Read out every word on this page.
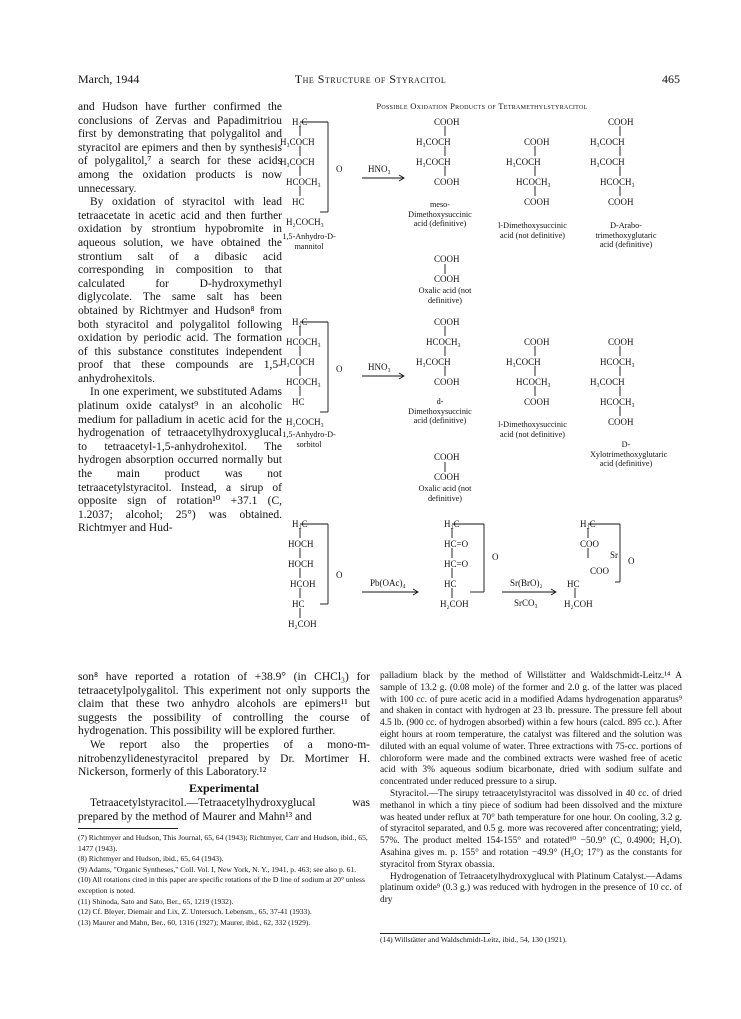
March, 1944	The Structure of Styracitol	465

and Hudson have further confirmed the conclusions of Zervas and Papadimitriou first by demonstrating that polygalitol and styracitol are epimers and then by synthesis of polygalitol,⁷ a search for these acids among the oxidation products is now unnecessary.

By oxidation of styracitol with lead tetraacetate in acetic acid and then further oxidation by strontium hypobromite in aqueous solution, we have obtained the strontium salt of a dibasic acid corresponding in composition to that calculated for D-hydroxymethyl diglycolate. The same salt has been obtained by Richtmyer and Hudson⁸ from both styracitol and polygalitol following oxidation by periodic acid. The formation of this substance constitutes independent proof that these compounds are 1,5-anhydrohexitols.

In one experiment, we substituted Adams platinum oxide catalyst⁹ in an alcoholic medium for palladium in acetic acid for the hydrogenation of tetraacetylhydroxyglucal to tetraacetyl-1,5-anhydrohexitol. The hydrogen absorption occurred normally but the main product was not tetraacetylstyracitol. Instead, a sirup of opposite sign of rotation¹⁰ +37.1 (C, 1.2037; alcohol; 25°) was obtained. Richtmyer and Hud-

Possible Oxidation Products of Tetramethylstyracitol
H₂C
H₃COCH
H₃COCH
O
HCOCH₃
HC
H₂COCH₃
COOH
H₃COCH
H₃COCH
COOH
COOH
H₃COCH
HCOCH₃
COOH
COOH
H₃COCH
H₃COCH
HCOCH₃
COOH
COOH
COOH
H₂C
HCOCH₃
H₃COCH
O
HCOCH₃
HC
H₂COCH₃
COOH
HCOCH₃
H₃COCH
COOH
COOH
H₃COCH
HCOCH₃
COOH
COOH
HCOCH₃
H₃COCH
HCOCH₃
COOH
COOH
COOH
H₂C
HOCH
HOCH
O
HCOH
HC
H₂COH
H₂C
HC=O
O
HC=O
HC
H₂COH
H₂C
COO
Sr
O
COO
HC
H₂COH
HNO₃
HNO₃
Pb(OAc)₄	Sr(BrO)₂
SrCO₃
1,5-Anhydro-D-mannitol
meso-Dimethoxysuccinic acid (definitive)	l-Dimethoxysuccinic acid (not definitive)
D-Arabo-trimethoxyglutaric acid (definitive)
Oxalic acid (not definitive)
1,5-Anhydro-D-sorbitol
d-Dimethoxysuccinic acid (definitive)	l-Dimethoxysuccinic acid (not definitive)
D-Xylotrimethoxyglutaric acid (definitive)
Oxalic acid (not definitive)

son⁸ have reported a rotation of +38.9° (in CHCl₃) for tetraacetylpolygalitol. This experiment not only supports the claim that these two anhydro alcohols are epimers¹¹ but suggests the possibility of controlling the course of hydrogenation. This possibility will be explored further.

We report also the properties of a mono-m-nitrobenzylidenestyracitol prepared by Dr. Mortimer H. Nickerson, formerly of this Laboratory.¹²

Experimental

Tetraacetylstyracitol.—Tetraacetylhydroxyglucal was prepared by the method of Maurer and Mahn¹³ and

(7) Richtmyer and Hudson, This Journal, 65, 64 (1943); Richtmyer, Carr and Hudson, ibid., 65, 1477 (1943).

(8) Richtmyer and Hudson, ibid., 65, 64 (1943).

(9) Adams, "Organic Syntheses," Coll. Vol. I, New York, N. Y., 1941, p. 463; see also p. 61.

(10) All rotations cited in this paper are specific rotations of the D line of sodium at 20° unless exception is noted.

(11) Shinoda, Sato and Sato, Ber., 65, 1219 (1932).

(12) Cf. Bleyer, Diemair and Lix, Z. Untersuch. Lebensm., 65, 37-41 (1933).

(13) Maurer and Mahn, Ber., 60, 1316 (1927); Maurer, ibid., 62, 332 (1929).

palladium black by the method of Willstätter and Waldschmidt-Leitz.¹⁴ A sample of 13.2 g. (0.08 mole) of the former and 2.0 g. of the latter was placed with 100 cc. of pure acetic acid in a modified Adams hydrogenation apparatus⁹ and shaken in contact with hydrogen at 23 lb. pressure. The pressure fell about 4.5 lb. (900 cc. of hydrogen absorbed) within a few hours (calcd. 895 cc.). After eight hours at room temperature, the catalyst was filtered and the solution was diluted with an equal volume of water. Three extractions with 75-cc. portions of chloroform were made and the combined extracts were washed free of acetic acid with 3% aqueous sodium bicarbonate, dried with sodium sulfate and concentrated under reduced pressure to a sirup.

Styracitol.—The sirupy tetraacetylstyracitol was dissolved in 40 cc. of dried methanol in which a tiny piece of sodium had been dissolved and the mixture was heated under reflux at 70° bath temperature for one hour. On cooling, 3.2 g. of styracitol separated, and 0.5 g. more was recovered after concentrating; yield, 57%. The product melted 154-155° and rotated¹⁰ −50.9° (C, 0.4900; H₂O). Asahina gives m. p. 155° and rotation −49.9° (H₂O; 17°) as the constants for styracitol from Styrax obassia.

Hydrogenation of Tetraacetylhydroxyglucal with Platinum Catalyst.—Adams platinum oxide⁹ (0.3 g.) was reduced with hydrogen in the presence of 10 cc. of dry

(14) Willstätter and Waldschmidt-Leitz, ibid., 54, 130 (1921).
